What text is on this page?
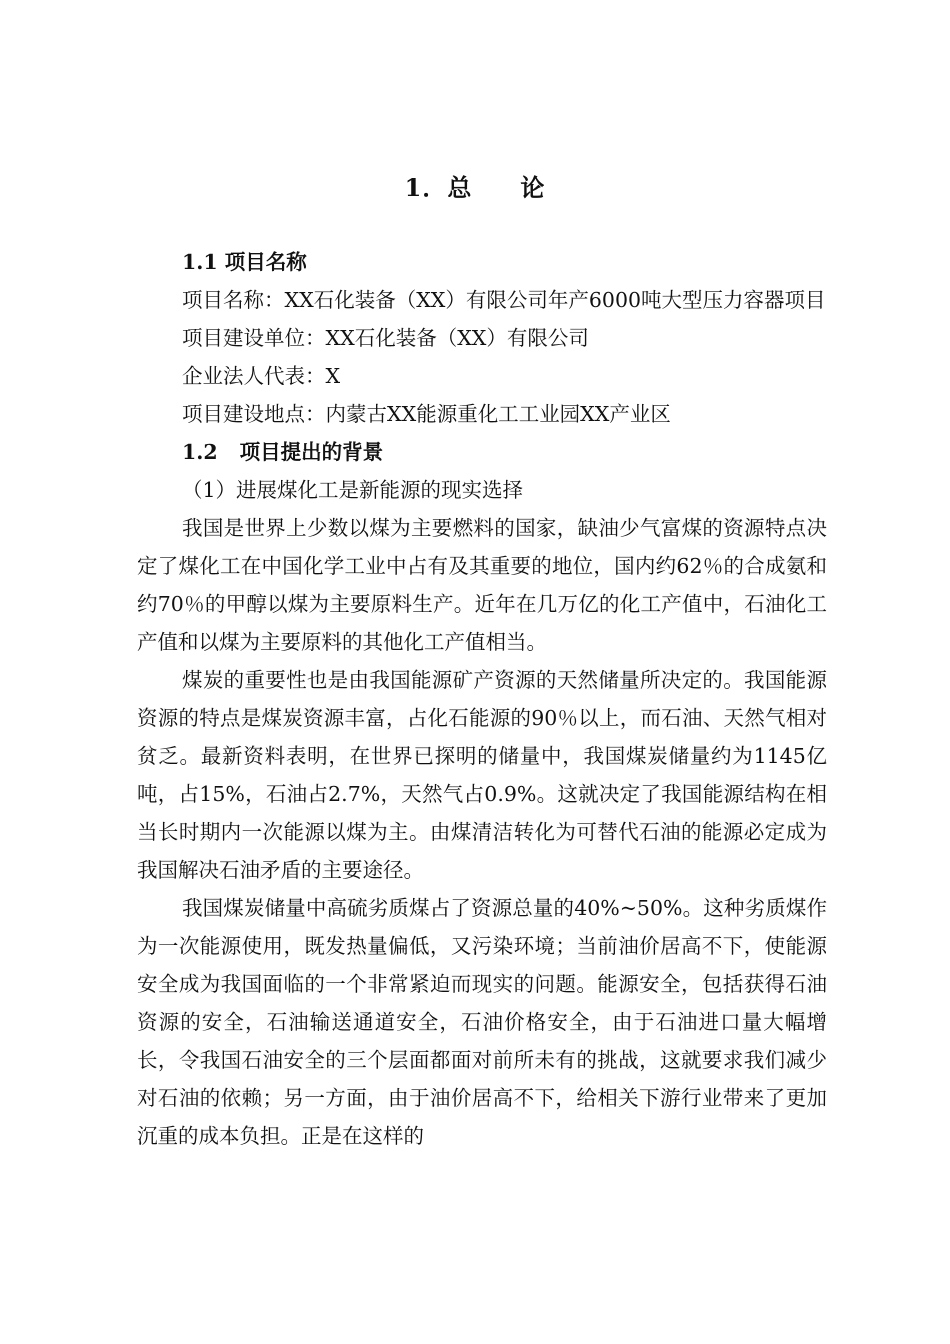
1．总 论
1.1 项目名称

项目名称：XX石化装备（XX）有限公司年产6000吨大型压力容器项目

项目建设单位：XX石化装备（XX）有限公司

企业法人代表：X

项目建设地点：内蒙古XX能源重化工工业园XX产业区

1.2 项目提出的背景

（1）进展煤化工是新能源的现实选择

我国是世界上少数以煤为主要燃料的国家，缺油少气富煤的资源特点决定了煤化工在中国化学工业中占有及其重要的地位，国内约62％的合成氨和约70％的甲醇以煤为主要原料生产。近年在几万亿的化工产值中，石油化工产值和以煤为主要原料的其他化工产值相当。

煤炭的重要性也是由我国能源矿产资源的天然储量所决定的。我国能源资源的特点是煤炭资源丰富，占化石能源的90％以上，而石油、天然气相对贫乏。最新资料表明，在世界已探明的储量中，我国煤炭储量约为1145亿吨，占15%，石油占2.7%，天然气占0.9%。这就决定了我国能源结构在相当长时期内一次能源以煤为主。由煤清洁转化为可替代石油的能源必定成为我国解决石油矛盾的主要途径。

我国煤炭储量中高硫劣质煤占了资源总量的40%~50%。这种劣质煤作为一次能源使用，既发热量偏低，又污染环境；当前油价居高不下，使能源安全成为我国面临的一个非常紧迫而现实的问题。能源安全，包括获得石油资源的安全，石油输送通道安全，石油价格安全，由于石油进口量大幅增长，令我国石油安全的三个层面都面对前所未有的挑战，这就要求我们减少对石油的依赖；另一方面，由于油价居高不下，给相关下游行业带来了更加沉重的成本负担。正是在这样的
